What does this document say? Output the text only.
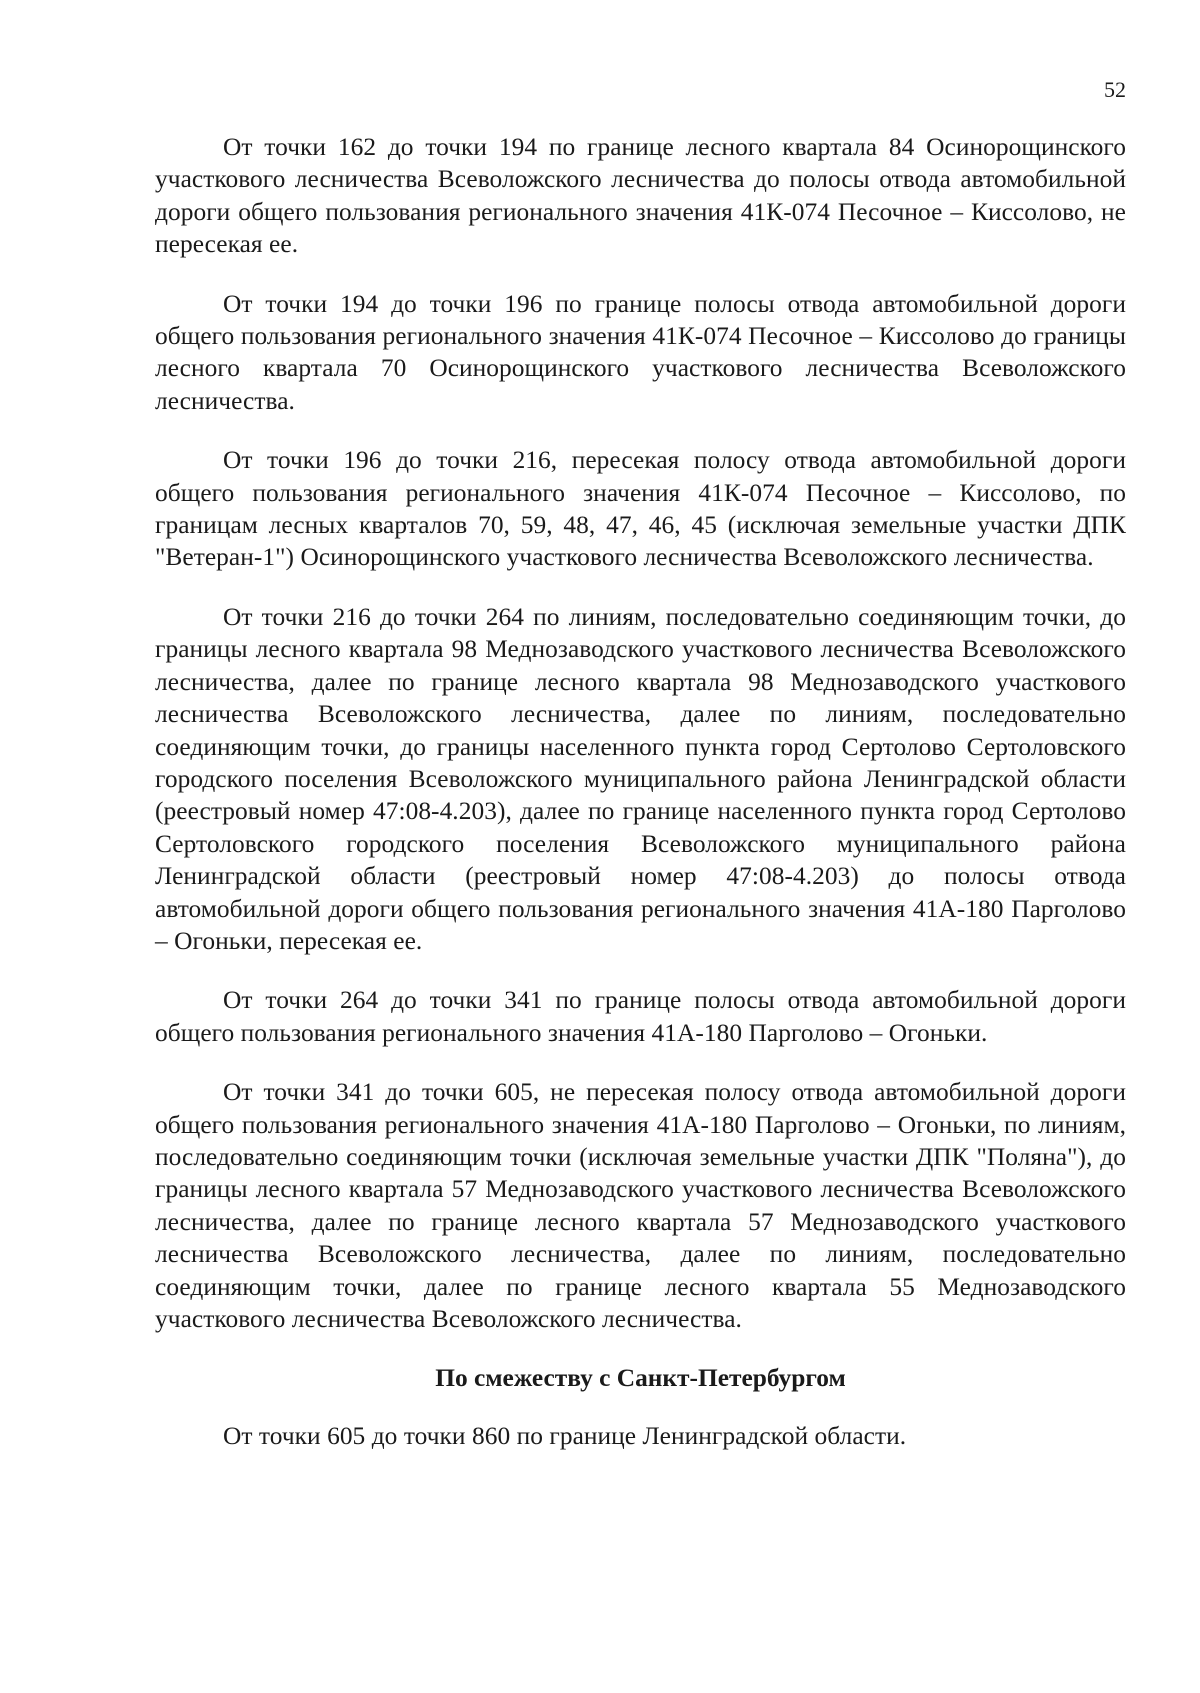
52

От точки 162 до точки 194 по границе лесного квартала 84 Осинорощинского участкового лесничества Всеволожского лесничества до полосы отвода автомобильной дороги общего пользования регионального значения 41К-074 Песочное – Киссолово, не пересекая ее.

От точки 194 до точки 196 по границе полосы отвода автомобильной дороги общего пользования регионального значения 41К-074 Песочное – Киссолово до границы лесного квартала 70 Осинорощинского участкового лесничества Всеволожского лесничества.

От точки 196 до точки 216, пересекая полосу отвода автомобильной дороги общего пользования регионального значения 41К-074 Песочное – Киссолово, по границам лесных кварталов 70, 59, 48, 47, 46, 45 (исключая земельные участки ДПК "Ветеран-1") Осинорощинского участкового лесничества Всеволожского лесничества.

От точки 216 до точки 264 по линиям, последовательно соединяющим точки, до границы лесного квартала 98 Меднозаводского участкового лесничества Всеволожского лесничества, далее по границе лесного квартала 98 Меднозаводского участкового лесничества Всеволожского лесничества, далее по линиям, последовательно соединяющим точки, до границы населенного пункта город Сертолово Сертоловского городского поселения Всеволожского муниципального района Ленинградской области (реестровый номер 47:08-4.203), далее по границе населенного пункта город Сертолово Сертоловского городского поселения Всеволожского муниципального района Ленинградской области (реестровый номер 47:08-4.203) до полосы отвода автомобильной дороги общего пользования регионального значения 41А-180 Парголово – Огоньки, пересекая ее.

От точки 264 до точки 341 по границе полосы отвода автомобильной дороги общего пользования регионального значения 41А-180 Парголово – Огоньки.

От точки 341 до точки 605, не пересекая полосу отвода автомобильной дороги общего пользования регионального значения 41А-180 Парголово – Огоньки, по линиям, последовательно соединяющим точки (исключая земельные участки ДПК "Поляна"), до границы лесного квартала 57 Меднозаводского участкового лесничества Всеволожского лесничества, далее по границе лесного квартала 57 Меднозаводского участкового лесничества Всеволожского лесничества, далее по линиям, последовательно соединяющим точки, далее по границе лесного квартала 55 Меднозаводского участкового лесничества Всеволожского лесничества.

По смежеству с Санкт-Петербургом

От точки 605 до точки 860 по границе Ленинградской области.
